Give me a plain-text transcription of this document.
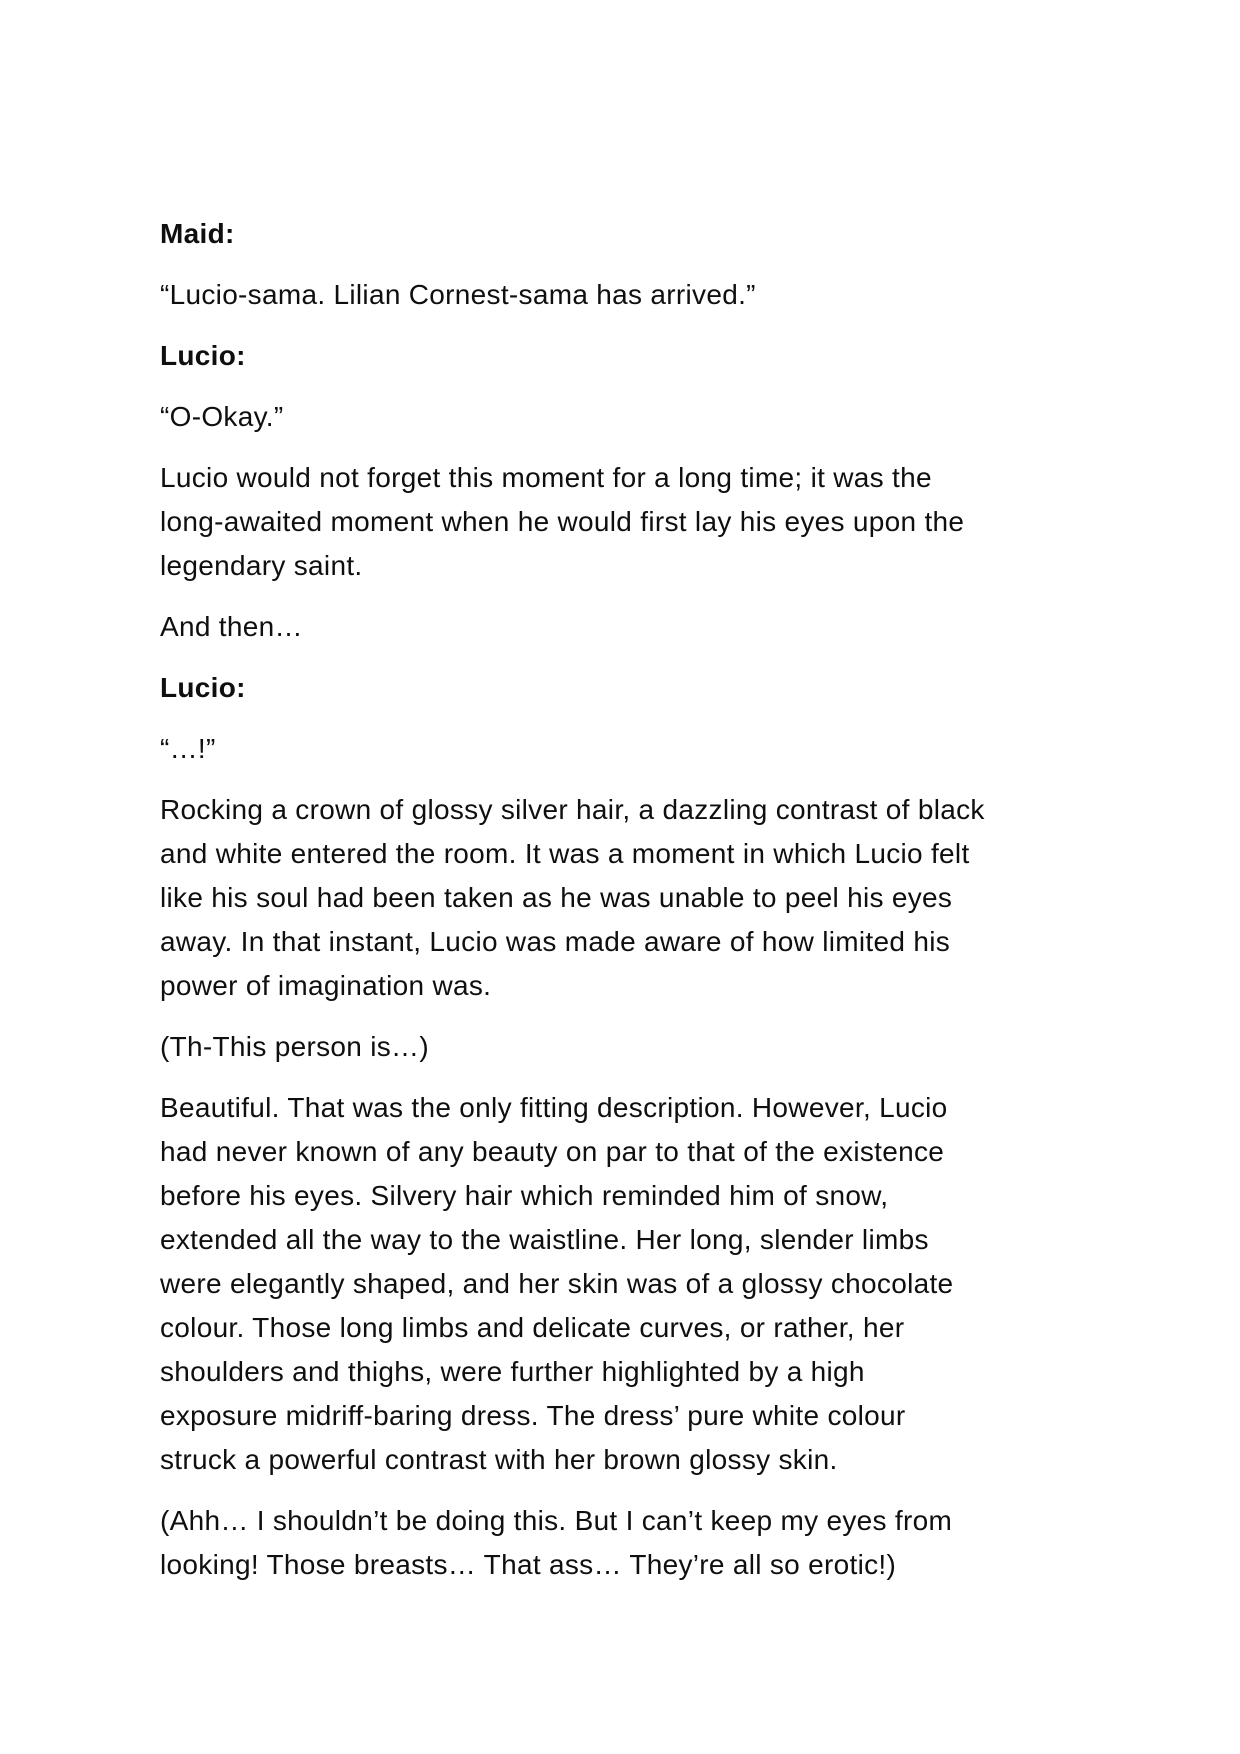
Maid:
“Lucio-sama. Lilian Cornest-sama has arrived.”
Lucio:
“O-Okay.”
Lucio would not forget this moment for a long time; it was the
long-awaited moment when he would first lay his eyes upon the
legendary saint.
And then…
Lucio:
“…!”
Rocking a crown of glossy silver hair, a dazzling contrast of black
and white entered the room. It was a moment in which Lucio felt
like his soul had been taken as he was unable to peel his eyes
away. In that instant, Lucio was made aware of how limited his
power of imagination was.
(Th-This person is…)
Beautiful. That was the only fitting description. However, Lucio
had never known of any beauty on par to that of the existence
before his eyes. Silvery hair which reminded him of snow,
extended all the way to the waistline. Her long, slender limbs
were elegantly shaped, and her skin was of a glossy chocolate
colour. Those long limbs and delicate curves, or rather, her
shoulders and thighs, were further highlighted by a high
exposure midriff-baring dress. The dress’ pure white colour
struck a powerful contrast with her brown glossy skin.
(Ahh… I shouldn’t be doing this. But I can’t keep my eyes from
looking! Those breasts… That ass… They’re all so erotic!)
